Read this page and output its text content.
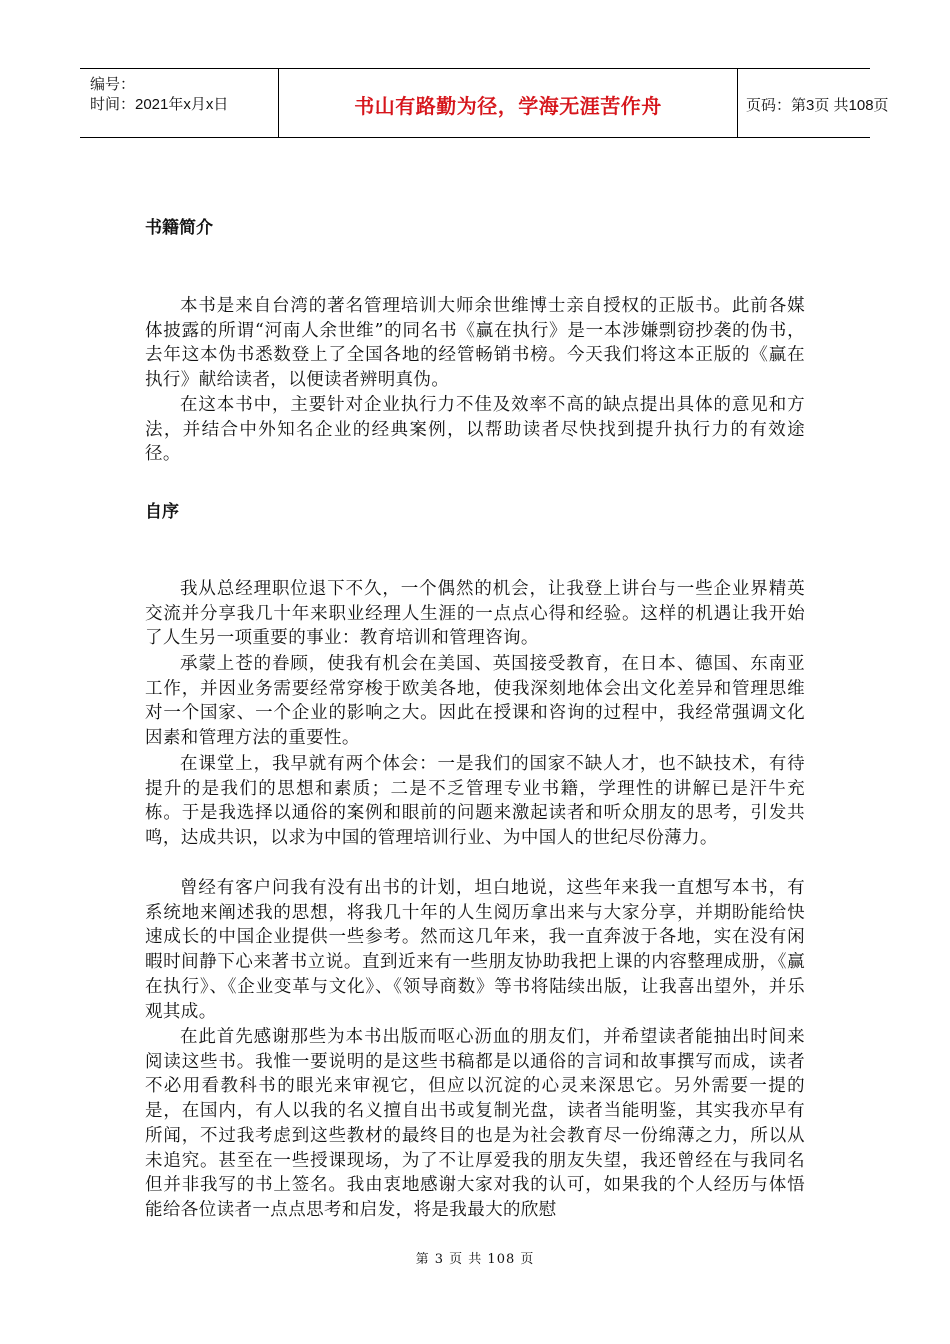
编号：
时间：2021年x月x日	书山有路勤为径，学海无涯苦作舟	页码：第3页 共108页
书籍简介

本书是来自台湾的著名管理培训大师余世维博士亲自授权的正版书。此前各媒体披露的所谓“河南人余世维”的同名书《赢在执行》是一本涉嫌剽窃抄袭的伪书，去年这本伪书悉数登上了全国各地的经管畅销书榜。今天我们将这本正版的《赢在执行》献给读者，以便读者辨明真伪。

在这本书中，主要针对企业执行力不佳及效率不高的缺点提出具体的意见和方法，并结合中外知名企业的经典案例，以帮助读者尽快找到提升执行力的有效途径。

自序

我从总经理职位退下不久，一个偶然的机会，让我登上讲台与一些企业界精英交流并分享我几十年来职业经理人生涯的一点点心得和经验。这样的机遇让我开始了人生另一项重要的事业：教育培训和管理咨询。

承蒙上苍的眷顾，使我有机会在美国、英国接受教育，在日本、德国、东南亚工作，并因业务需要经常穿梭于欧美各地，使我深刻地体会出文化差异和管理思维对一个国家、一个企业的影响之大。因此在授课和咨询的过程中，我经常强调文化因素和管理方法的重要性。

在课堂上，我早就有两个体会：一是我们的国家不缺人才，也不缺技术，有待提升的是我们的思想和素质；二是不乏管理专业书籍，学理性的讲解已是汗牛充栋。于是我选择以通俗的案例和眼前的问题来激起读者和听众朋友的思考，引发共鸣，达成共识，以求为中国的管理培训行业、为中国人的世纪尽份薄力。

曾经有客户问我有没有出书的计划，坦白地说，这些年来我一直想写本书，有系统地来阐述我的思想，将我几十年的人生阅历拿出来与大家分享，并期盼能给快速成长的中国企业提供一些参考。然而这几年来，我一直奔波于各地，实在没有闲暇时间静下心来著书立说。直到近来有一些朋友协助我把上课的内容整理成册，《赢在执行》、《企业变革与文化》、《领导商数》等书将陆续出版，让我喜出望外，并乐观其成。

在此首先感谢那些为本书出版而呕心沥血的朋友们，并希望读者能抽出时间来阅读这些书。我惟一要说明的是这些书稿都是以通俗的言词和故事撰写而成，读者不必用看教科书的眼光来审视它，但应以沉淀的心灵来深思它。另外需要一提的是，在国内，有人以我的名义擅自出书或复制光盘，读者当能明鉴，其实我亦早有所闻，不过我考虑到这些教材的最终目的也是为社会教育尽一份绵薄之力，所以从未追究。甚至在一些授课现场，为了不让厚爱我的朋友失望，我还曾经在与我同名但并非我写的书上签名。我由衷地感谢大家对我的认可，如果我的个人经历与体悟能给各位读者一点点思考和启发，将是我最大的欣慰

第 3 页 共 108 页
